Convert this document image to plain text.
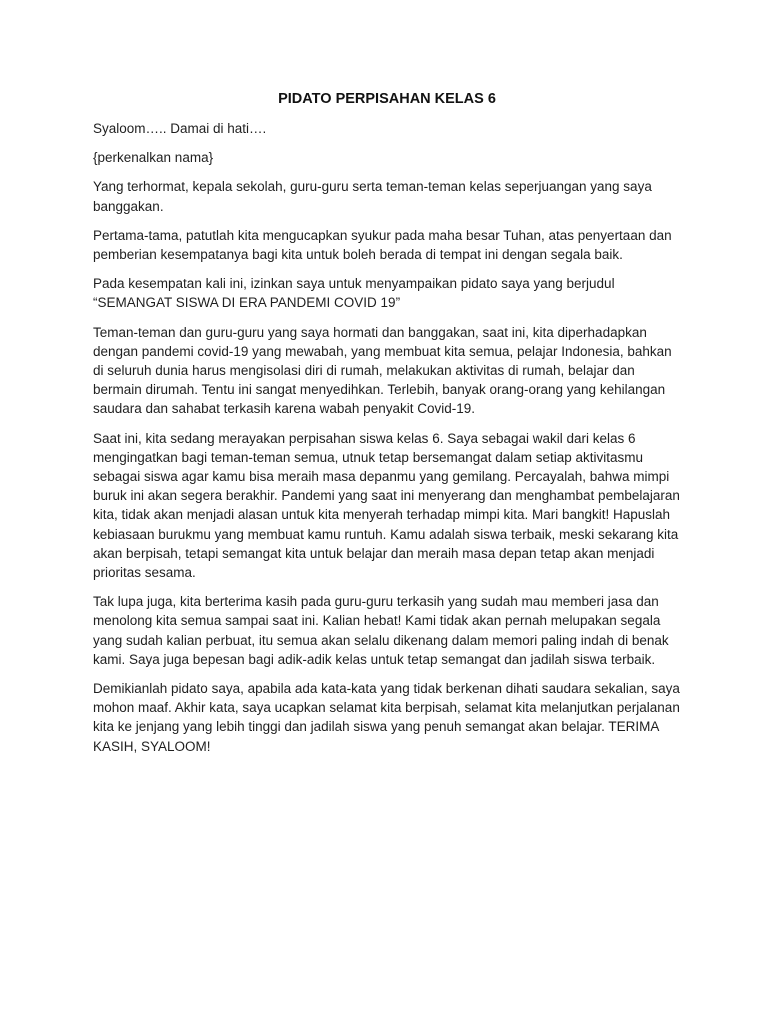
PIDATO PERPISAHAN KELAS 6

Syaloom….. Damai di hati….

{perkenalkan nama}

Yang terhormat, kepala sekolah, guru-guru serta teman-teman kelas seperjuangan yang saya banggakan.

Pertama-tama, patutlah kita mengucapkan syukur pada maha besar Tuhan, atas penyertaan dan pemberian kesempatanya bagi kita untuk boleh berada di tempat ini dengan segala baik.

Pada kesempatan kali ini, izinkan saya untuk menyampaikan pidato saya yang berjudul “SEMANGAT SISWA DI ERA PANDEMI COVID 19”

Teman-teman dan guru-guru yang saya hormati dan banggakan, saat ini, kita diperhadapkan dengan pandemi covid-19 yang mewabah, yang membuat kita semua, pelajar Indonesia, bahkan di seluruh dunia harus mengisolasi diri di rumah, melakukan aktivitas di rumah, belajar dan bermain dirumah. Tentu ini sangat menyedihkan. Terlebih, banyak orang-orang yang kehilangan saudara dan sahabat terkasih karena wabah penyakit Covid-19.

Saat ini, kita sedang merayakan perpisahan siswa kelas 6. Saya sebagai wakil dari kelas 6 mengingatkan bagi teman-teman semua, utnuk tetap bersemangat dalam setiap aktivitasmu sebagai siswa agar kamu bisa meraih masa depanmu yang gemilang. Percayalah, bahwa mimpi buruk ini akan segera berakhir. Pandemi yang saat ini menyerang dan menghambat pembelajaran kita, tidak akan menjadi alasan untuk kita menyerah terhadap mimpi kita. Mari bangkit! Hapuslah kebiasaan burukmu yang membuat kamu runtuh. Kamu adalah siswa terbaik, meski sekarang kita akan berpisah, tetapi semangat kita untuk belajar dan meraih masa depan tetap akan menjadi prioritas sesama.

Tak lupa juga, kita berterima kasih pada guru-guru terkasih yang sudah mau memberi jasa dan menolong kita semua sampai saat ini. Kalian hebat! Kami tidak akan pernah melupakan segala yang sudah kalian perbuat, itu semua akan selalu dikenang dalam memori paling indah di benak kami. Saya juga bepesan bagi adik-adik kelas untuk tetap semangat dan jadilah siswa terbaik.

Demikianlah pidato saya, apabila ada kata-kata yang tidak berkenan dihati saudara sekalian, saya mohon maaf. Akhir kata, saya ucapkan selamat kita berpisah, selamat kita melanjutkan perjalanan kita ke jenjang yang lebih tinggi dan jadilah siswa yang penuh semangat akan belajar. TERIMA KASIH, SYALOOM!
